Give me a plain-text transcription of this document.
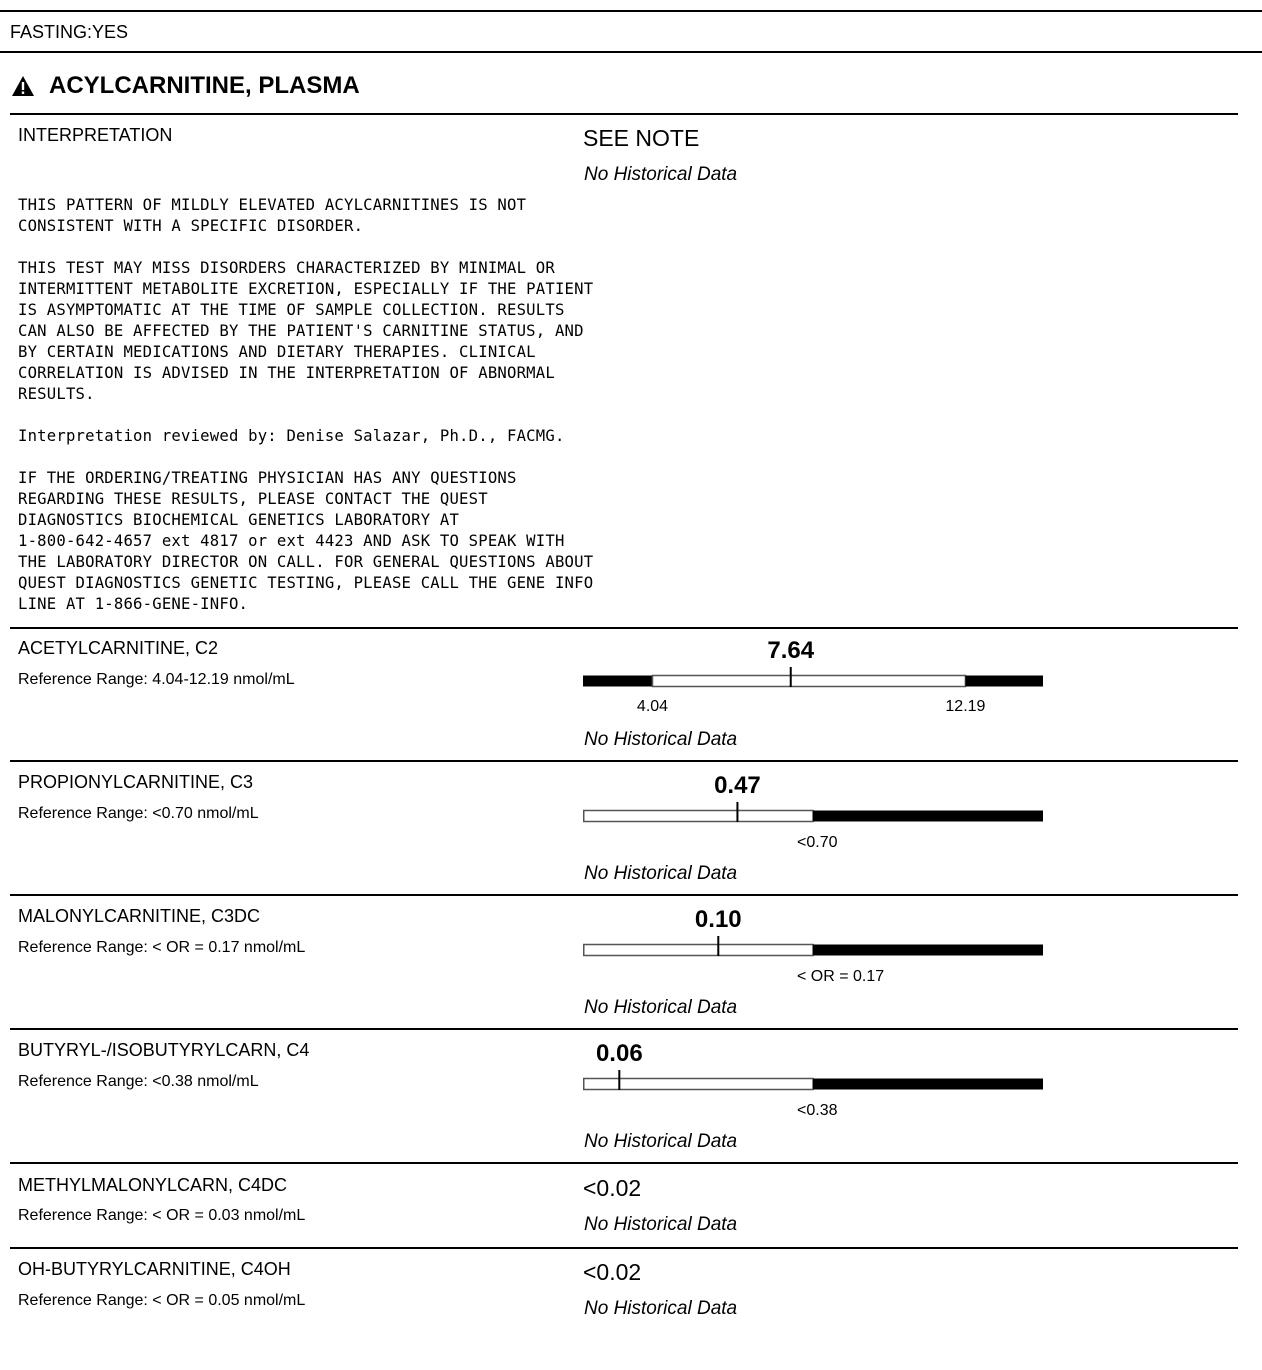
FASTING:YES
ACYLCARNITINE, PLASMA
INTERPRETATION	SEE NOTE
No Historical Data
THIS PATTERN OF MILDLY ELEVATED ACYLCARNITINES IS NOT
CONSISTENT WITH A SPECIFIC DISORDER.

THIS TEST MAY MISS DISORDERS CHARACTERIZED BY MINIMAL OR
INTERMITTENT METABOLITE EXCRETION, ESPECIALLY IF THE PATIENT
IS ASYMPTOMATIC AT THE TIME OF SAMPLE COLLECTION. RESULTS
CAN ALSO BE AFFECTED BY THE PATIENT'S CARNITINE STATUS, AND
BY CERTAIN MEDICATIONS AND DIETARY THERAPIES. CLINICAL
CORRELATION IS ADVISED IN THE INTERPRETATION OF ABNORMAL
RESULTS.

Interpretation reviewed by: Denise Salazar, Ph.D., FACMG.

IF THE ORDERING/TREATING PHYSICIAN HAS ANY QUESTIONS
REGARDING THESE RESULTS, PLEASE CONTACT THE QUEST
DIAGNOSTICS BIOCHEMICAL GENETICS LABORATORY AT
1-800-642-4657 ext 4817 or ext 4423 AND ASK TO SPEAK WITH
THE LABORATORY DIRECTOR ON CALL. FOR GENERAL QUESTIONS ABOUT
QUEST DIAGNOSTICS GENETIC TESTING, PLEASE CALL THE GENE INFO
LINE AT 1-866-GENE-INFO.
ACETYLCARNITINE, C2
Reference Range: 4.04-12.19 nmol/mL
7.64
4.04	12.19
No Historical Data
PROPIONYLCARNITINE, C3
Reference Range: <0.70 nmol/mL
0.47
<0.70
No Historical Data
MALONYLCARNITINE, C3DC
Reference Range: < OR = 0.17 nmol/mL
0.10
< OR = 0.17
No Historical Data
BUTYRYL-/ISOBUTYRYLCARN, C4
Reference Range: <0.38 nmol/mL
0.06
<0.38
No Historical Data
METHYLMALONYLCARN, C4DC
Reference Range: < OR = 0.03 nmol/mL
<0.02
No Historical Data
OH-BUTYRYLCARNITINE, C4OH
Reference Range: < OR = 0.05 nmol/mL
<0.02
No Historical Data
